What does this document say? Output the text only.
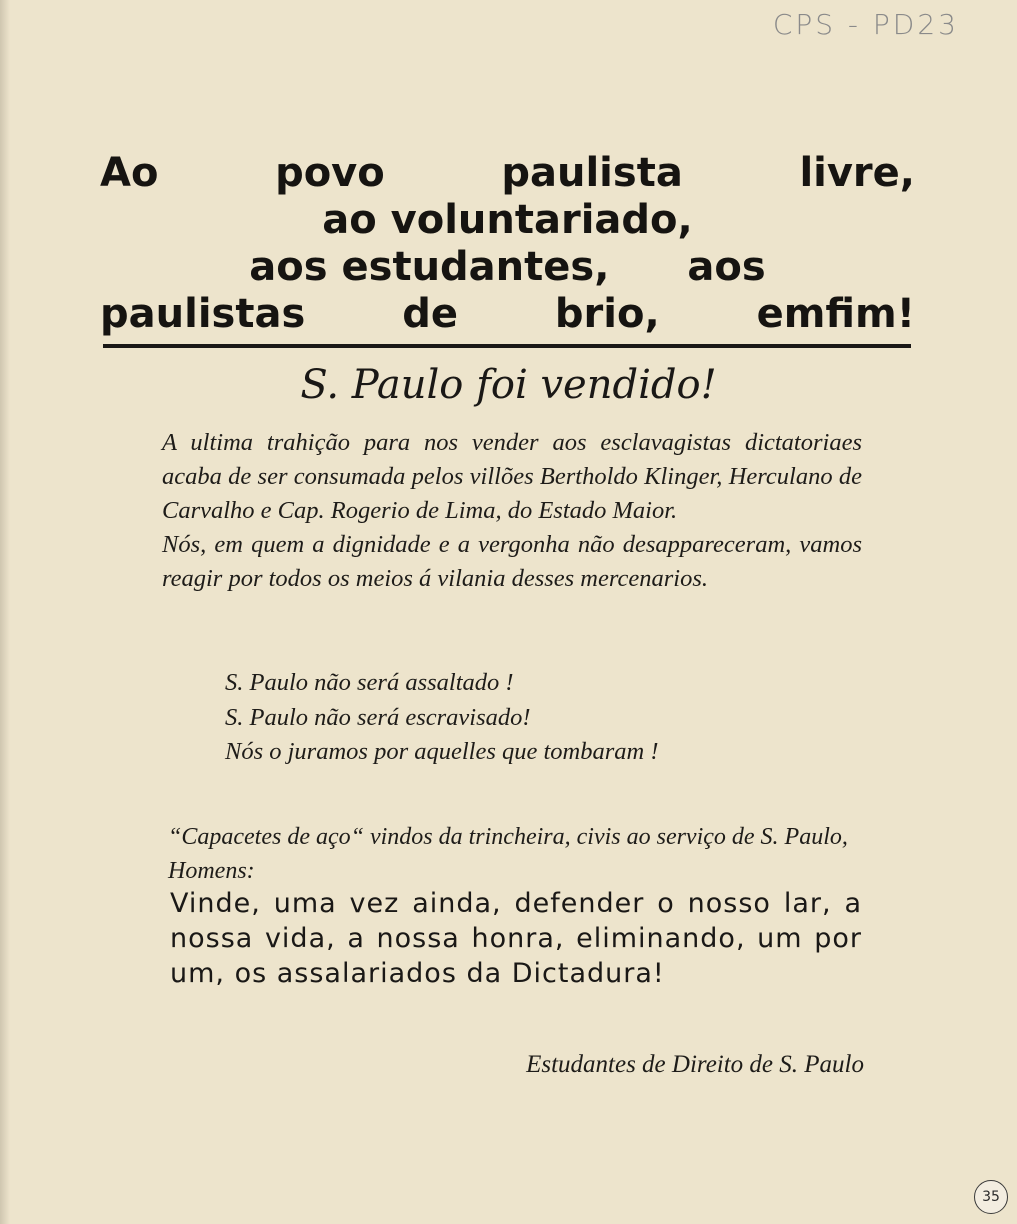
CPS - PD23
Ao	povo	paulista	livre,
ao voluntariado,
aos estudantes, aos
paulistas de brio, emfim!
S. Paulo foi vendido!
A ultima trahição para nos vender aos esclavagistas dictatoriaes acaba de ser consumada pelos villões Bertholdo Klinger, Herculano de Carvalho e Cap. Rogerio de Lima, do Estado Maior.
Nós, em quem a dignidade e a vergonha não desappareceram, vamos reagir por todos os meios á vilania desses mercenarios.
S. Paulo não será assaltado !
S. Paulo não será escravisado!
Nós o juramos por aquelles que tombaram !
“Capacetes de aço“ vindos da trincheira, civis ao serviço de S. Paulo, Homens:
Vinde, uma vez ainda, defender o nosso lar, a nossa vida, a nossa honra, eliminando, um por um, os assalariados da Dictadura!
Estudantes de Direito de S. Paulo
35
